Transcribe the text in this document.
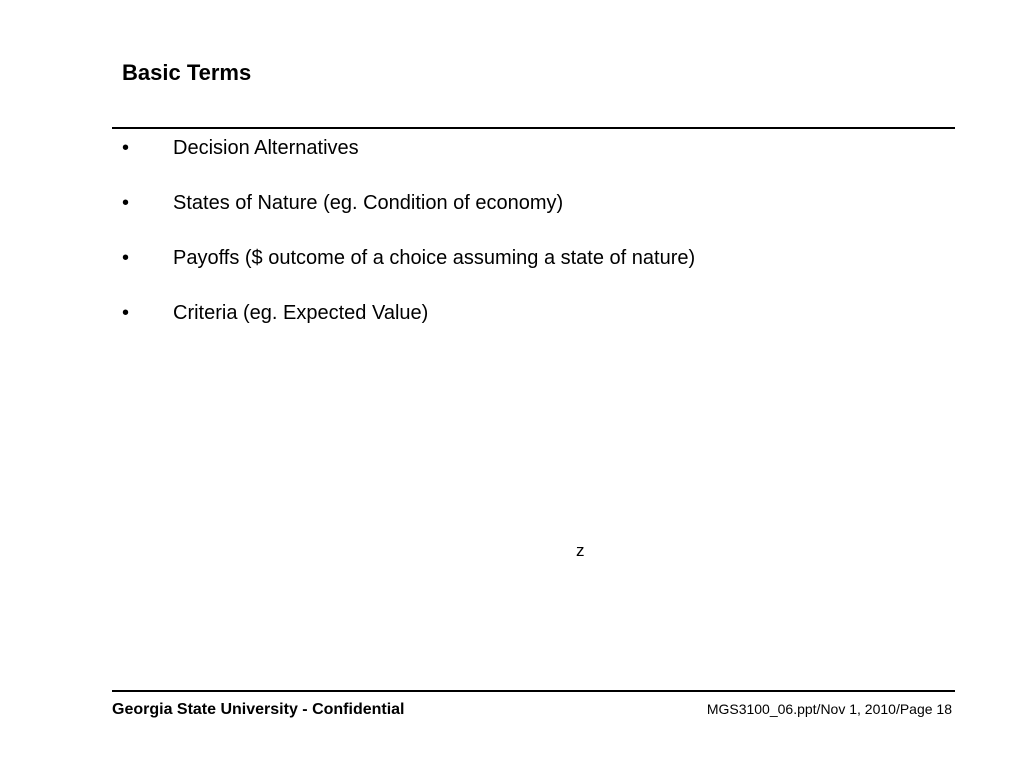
Basic Terms
•	Decision Alternatives
•	States of Nature (eg. Condition of economy)
•	Payoffs ($ outcome of a choice assuming a state of nature)
•	Criteria (eg. Expected Value)
z
Georgia State University - Confidential	MGS3100_06.ppt/Nov 1, 2010/Page 18
